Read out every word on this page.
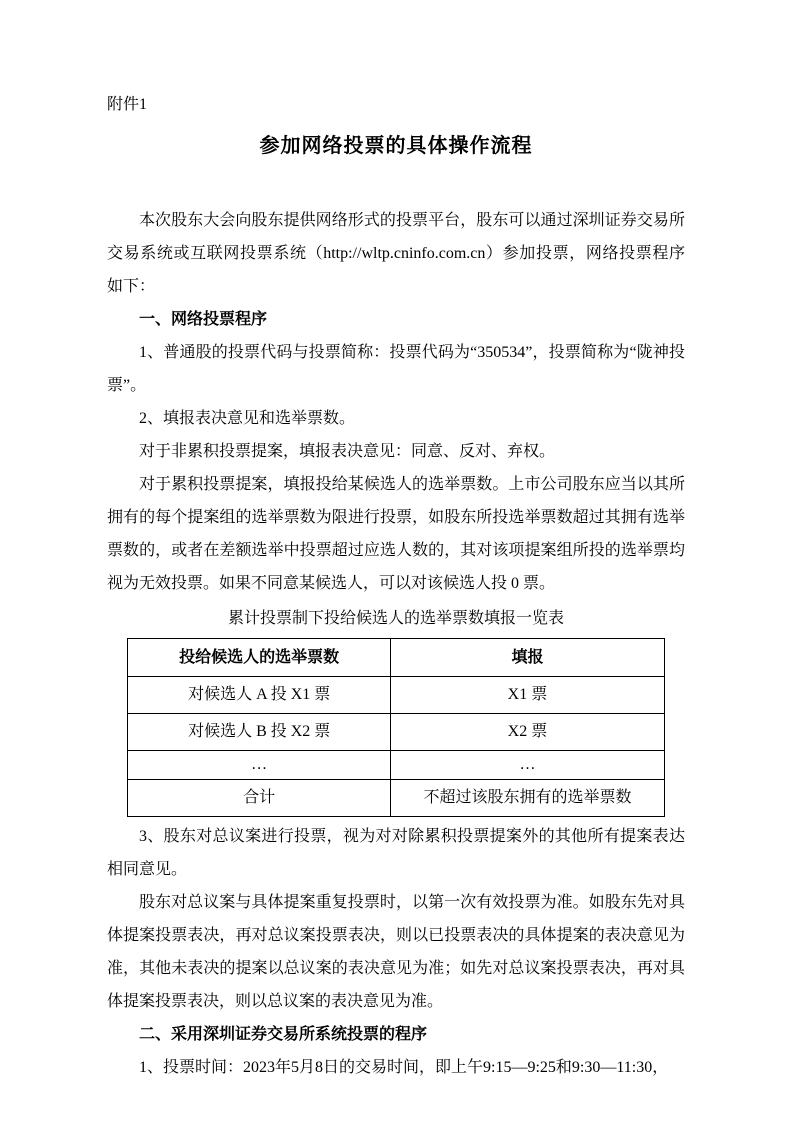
附件1
参加网络投票的具体操作流程

本次股东大会向股东提供网络形式的投票平台，股东可以通过深圳证券交易所交易系统或互联网投票系统（http://wltp.cninfo.com.cn）参加投票，网络投票程序如下：

一、网络投票程序

1、普通股的投票代码与投票简称：投票代码为“350534”，投票简称为“陇神投票”。

2、填报表决意见和选举票数。

对于非累积投票提案，填报表决意见：同意、反对、弃权。

对于累积投票提案，填报投给某候选人的选举票数。上市公司股东应当以其所拥有的每个提案组的选举票数为限进行投票，如股东所投选举票数超过其拥有选举票数的，或者在差额选举中投票超过应选人数的，其对该项提案组所投的选举票均视为无效投票。如果不同意某候选人，可以对该候选人投 0 票。

累计投票制下投给候选人的选举票数填报一览表

投给候选人的选举票数	填报
对候选人 A 投 X1 票	X1 票
对候选人 B 投 X2 票	X2 票
…	…
合计	不超过该股东拥有的选举票数

3、股东对总议案进行投票，视为对对除累积投票提案外的其他所有提案表达相同意见。

股东对总议案与具体提案重复投票时，以第一次有效投票为准。如股东先对具体提案投票表决，再对总议案投票表决，则以已投票表决的具体提案的表决意见为准，其他未表决的提案以总议案的表决意见为准；如先对总议案投票表决，再对具体提案投票表决，则以总议案的表决意见为准。

二、采用深圳证券交易所系统投票的程序

1、投票时间：2023年5月8日的交易时间，即上午9:15—9:25和9:30—11:30，
